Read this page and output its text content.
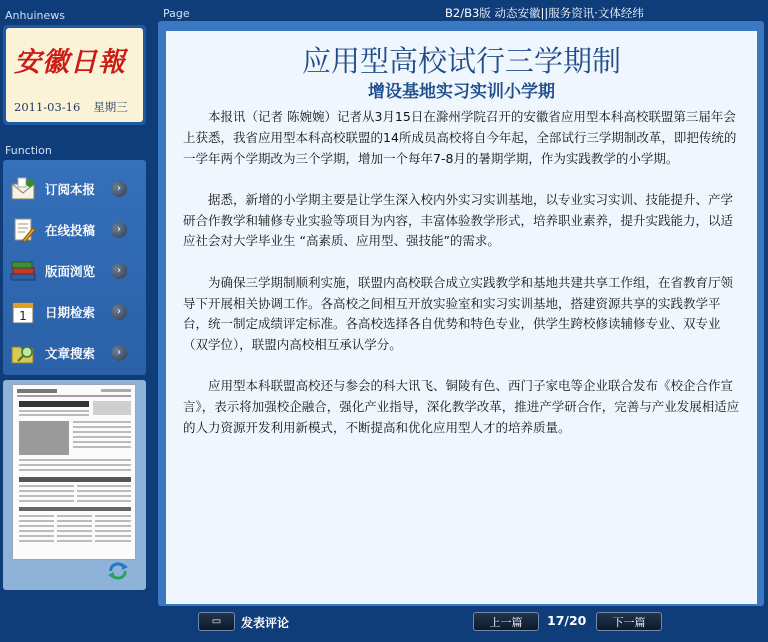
Anhuinews
安徽日報
2011-03-16 星期三
Function
订阅本报	›
在线投稿	›
版面浏览	›
1 日期检索	›
文章搜索	›
Page	B2/B3版 动态安徽||服务资讯·文体经纬
应用型高校试行三学期制
增设基地实习实训小学期

本报讯（记者 陈婉婉）记者从3月15日在滁州学院召开的安徽省应用型本科高校联盟第三届年会上获悉，我省应用型本科高校联盟的14所成员高校将自今年起，全部试行三学期制改革，即把传统的一学年两个学期改为三个学期，增加一个每年7-8月的暑期学期，作为实践教学的小学期。

据悉，新增的小学期主要是让学生深入校内外实习实训基地，以专业实习实训、技能提升、产学研合作教学和辅修专业实验等项目为内容，丰富体验教学形式，培养职业素养，提升实践能力，以适应社会对大学毕业生 “高素质、应用型、强技能”的需求。

为确保三学期制顺利实施，联盟内高校联合成立实践教学和基地共建共享工作组，在省教育厅领导下开展相关协调工作。各高校之间相互开放实验室和实习实训基地，搭建资源共享的实践教学平台，统一制定成绩评定标准。各高校选择各自优势和特色专业，供学生跨校修读辅修专业、双专业（双学位），联盟内高校相互承认学分。

应用型本科联盟高校还与参会的科大讯飞、铜陵有色、西门子家电等企业联合发布《校企合作宣言》，表示将加强校企融合，强化产业指导，深化教学改革，推进产学研合作，完善与产业发展相适应的人力资源开发利用新模式，不断提高和优化应用型人才的培养质量。

▭ 发表评论	上一篇	17/20	下一篇
